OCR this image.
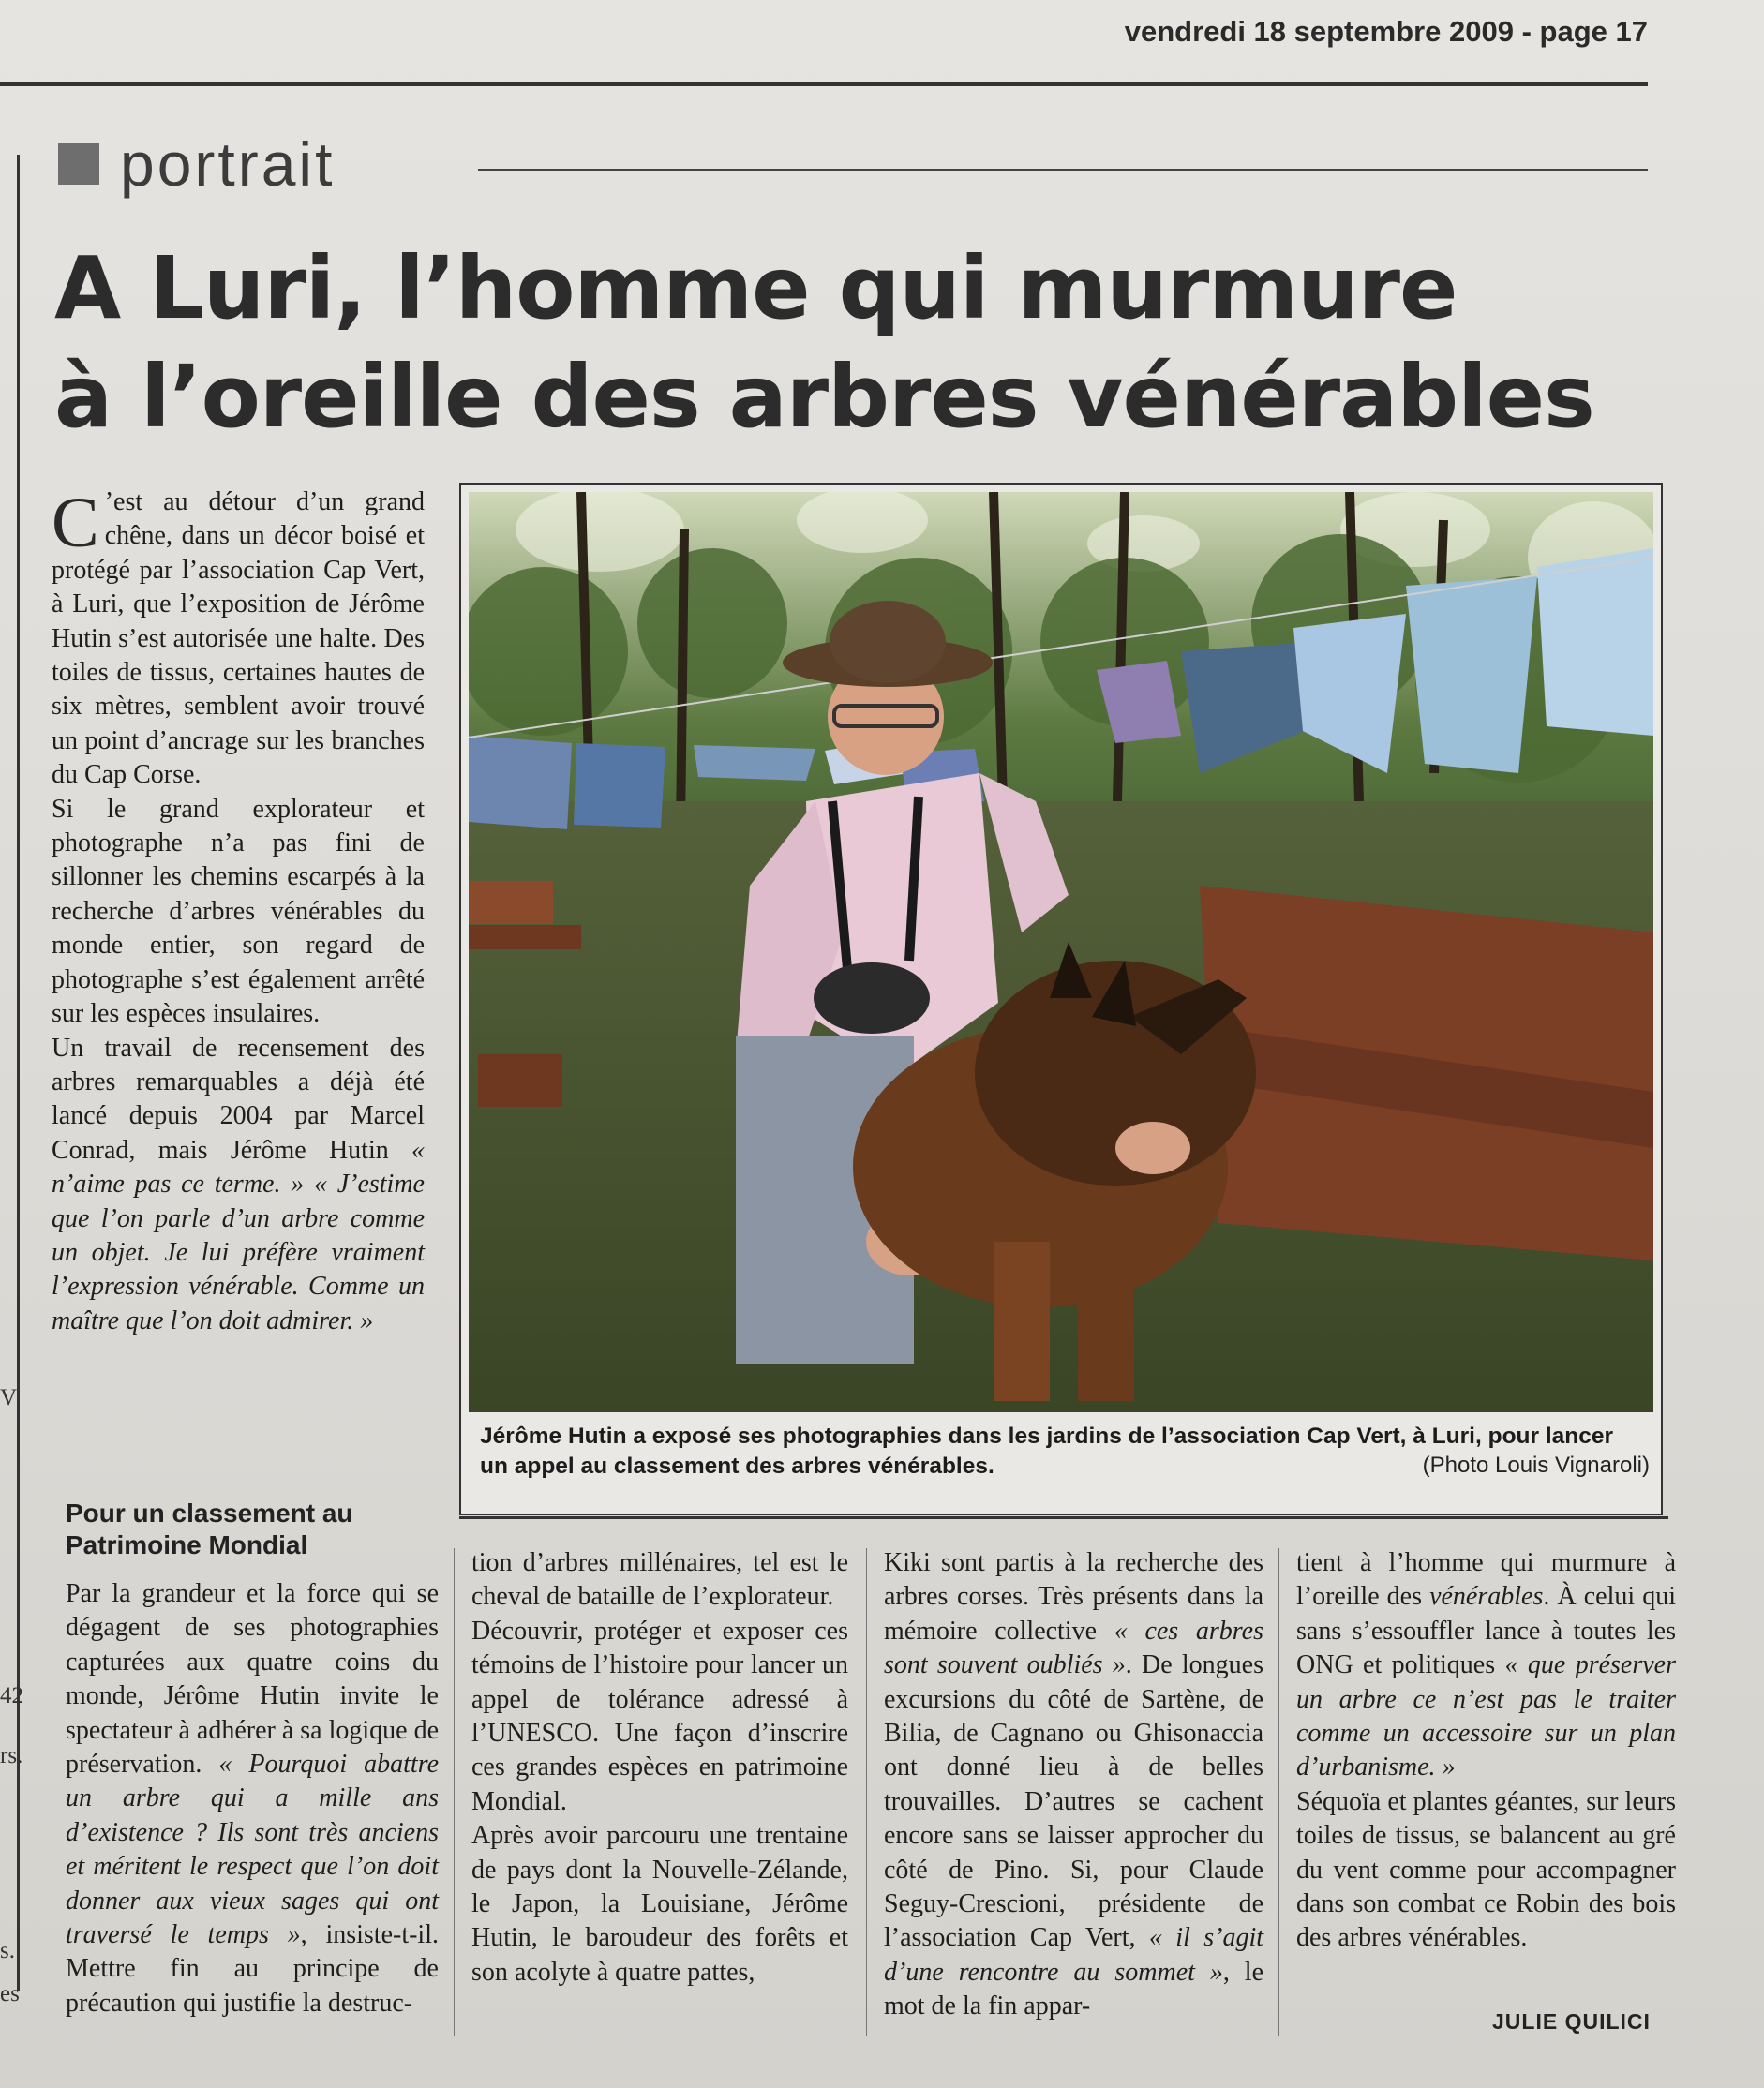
vendredi 18 septembre 2009 - page 17
V
42
rs.
s.
es
portrait
A Luri, l’homme qui murmure
à l’oreille des arbres vénérables

C ’est au détour d’un grand chêne, dans un décor boisé et protégé par l’association Cap Vert, à Luri, que l’exposition de Jérôme Hutin s’est autorisée une halte. Des toiles de tissus, certaines hautes de six mètres, semblent avoir trouvé un point d’ancrage sur les branches du Cap Corse.

Si le grand explorateur et photographe n’a pas fini de sillonner les chemins escarpés à la recherche d’arbres vénérables du monde entier, son regard de photographe s’est également arrêté sur les espèces insulaires.

Un travail de recensement des arbres remarquables a déjà été lancé depuis 2004 par Marcel Conrad, mais Jérôme Hutin « n’aime pas ce terme. » « J’estime que l’on parle d’un arbre comme un objet. Je lui préfère vraiment l’expression vénérable. Comme un maître que l’on doit admirer. »

Pour un classement au Patrimoine Mondial

Par la grandeur et la force qui se dégagent de ses photographies capturées aux quatre coins du monde, Jérôme Hutin invite le spectateur à adhérer à sa logique de préservation. « Pourquoi abattre un arbre qui a mille ans d’existence ? Ils sont très anciens et méritent le respect que l’on doit donner aux vieux sages qui ont traversé le temps », insiste-t-il. Mettre fin au principe de précaution qui justifie la destruc-

tion d’arbres millénaires, tel est le cheval de bataille de l’explorateur.

Découvrir, protéger et exposer ces témoins de l’histoire pour lancer un appel de tolérance adressé à l’UNESCO. Une façon d’inscrire ces grandes espèces en patrimoine Mondial.

Après avoir parcouru une trentaine de pays dont la Nouvelle-Zélande, le Japon, la Louisiane, Jérôme Hutin, le baroudeur des forêts et son acolyte à quatre pattes,

Kiki sont partis à la recherche des arbres corses. Très présents dans la mémoire collective « ces arbres sont souvent oubliés ». De longues excursions du côté de Sartène, de Bilia, de Cagnano ou Ghisonaccia ont donné lieu à de belles trouvailles. D’autres se cachent encore sans se laisser approcher du côté de Pino. Si, pour Claude Seguy-Crescioni, présidente de l’association Cap Vert, « il s’agit d’une rencontre au sommet », le mot de la fin appar-

tient à l’homme qui murmure à l’oreille des vénérables. À celui qui sans s’essouffler lance à toutes les ONG et politiques « que préserver un arbre ce n’est pas le traiter comme un accessoire sur un plan d’urbanisme. »

Séquoïa et plantes géantes, sur leurs toiles de tissus, se balancent au gré du vent comme pour accompagner dans son combat ce Robin des bois des arbres vénérables.

JULIE QUILICI

Jérôme Hutin a exposé ses photographies dans les jardins de l’association Cap Vert, à Luri, pour lancer un appel au classement des arbres vénérables.	(Photo Louis Vignaroli)
